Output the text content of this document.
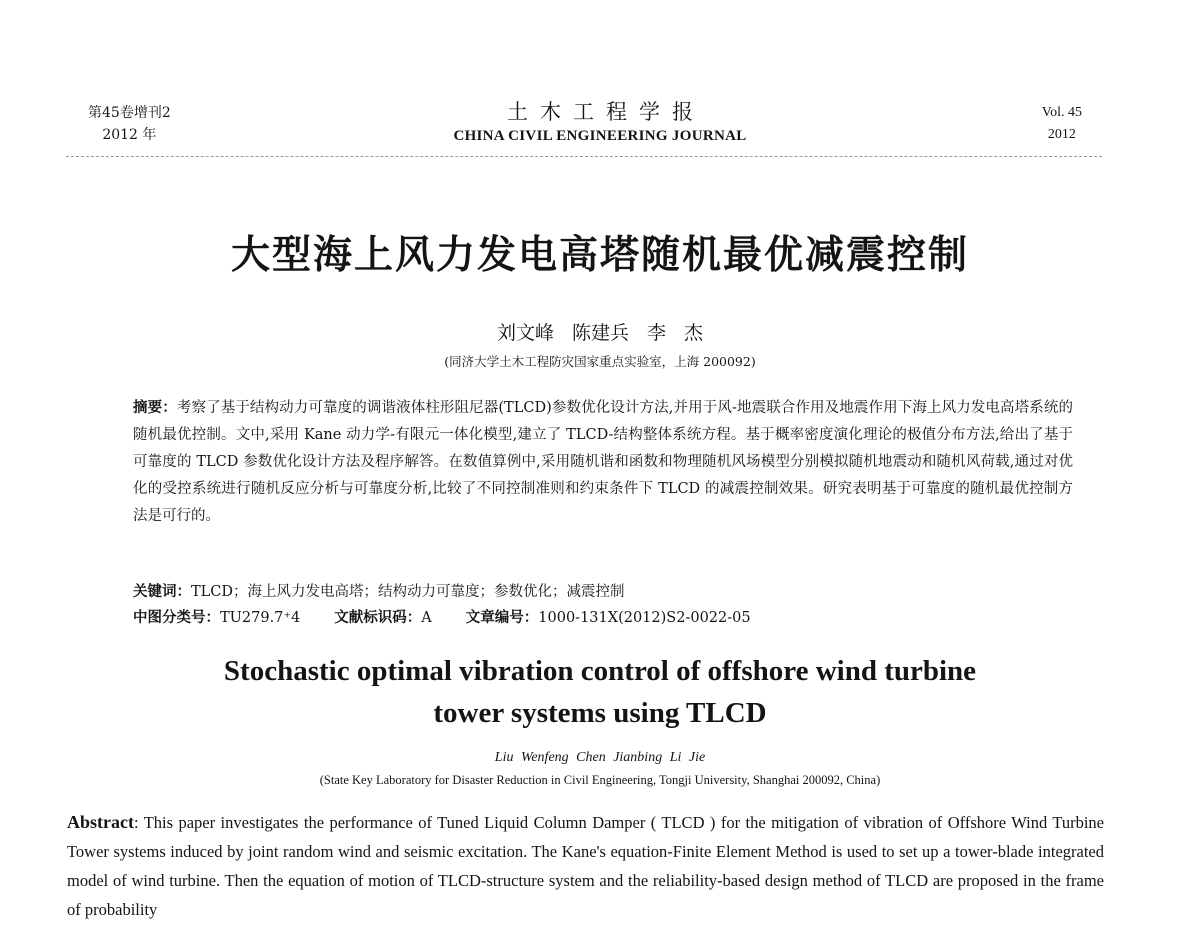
第45卷增刊2
2012 年
土木工程学报
CHINA CIVIL ENGINEERING JOURNAL
Vol. 45
2012
大型海上风力发电高塔随机最优减震控制
刘文峰 陈建兵 李 杰
(同济大学土木工程防灾国家重点实验室，上海 200092)
摘要：考察了基于结构动力可靠度的调谐液体柱形阻尼器(TLCD)参数优化设计方法,并用于风-地震联合作用及地震作用下海上风力发电高塔系统的随机最优控制。文中,采用 Kane 动力学-有限元一体化模型,建立了 TLCD-结构整体系统方程。基于概率密度演化理论的极值分布方法,给出了基于可靠度的 TLCD 参数优化设计方法及程序解答。在数值算例中,采用随机谐和函数和物理随机风场模型分别模拟随机地震动和随机风荷载,通过对优化的受控系统进行随机反应分析与可靠度分析,比较了不同控制准则和约束条件下 TLCD 的减震控制效果。研究表明基于可靠度的随机最优控制方法是可行的。
关键词：TLCD；海上风力发电高塔；结构动力可靠度；参数优化；减震控制
中图分类号：TU279.7⁺4 文献标识码：A 文章编号：1000-131X(2012)S2-0022-05
Stochastic optimal vibration control of offshore wind turbine
tower systems using TLCD
Liu Wenfeng Chen Jianbing Li Jie
(State Key Laboratory for Disaster Reduction in Civil Engineering, Tongji University, Shanghai 200092, China)
Abstract: This paper investigates the performance of Tuned Liquid Column Damper ( TLCD ) for the mitigation of vibration of Offshore Wind Turbine Tower systems induced by joint random wind and seismic excitation. The Kane's equation-Finite Element Method is used to set up a tower-blade integrated model of wind turbine. Then the equation of motion of TLCD-structure system and the reliability-based design method of TLCD are proposed in the frame of probability
